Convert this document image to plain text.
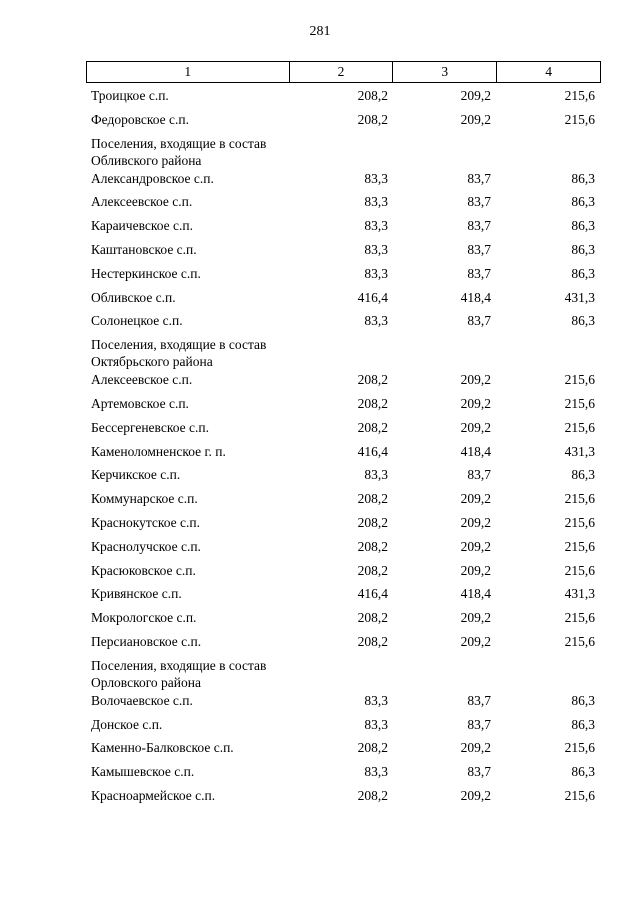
281
1	2	3	4
Троицкое с.п.	208,2	209,2	215,6
Федоровское с.п.	208,2	209,2	215,6
Поселения, входящие в состав Обливского района
Александровское с.п.	83,3	83,7	86,3
Алексеевское с.п.	83,3	83,7	86,3
Караичевское с.п.	83,3	83,7	86,3
Каштановское с.п.	83,3	83,7	86,3
Нестеркинское с.п.	83,3	83,7	86,3
Обливское с.п.	416,4	418,4	431,3
Солонецкое с.п.	83,3	83,7	86,3
Поселения, входящие в состав Октябрьского района
Алексеевское с.п.	208,2	209,2	215,6
Артемовское с.п.	208,2	209,2	215,6
Бессергеневское с.п.	208,2	209,2	215,6
Каменоломненское г. п.	416,4	418,4	431,3
Керчикское с.п.	83,3	83,7	86,3
Коммунарское с.п.	208,2	209,2	215,6
Краснокутское с.п.	208,2	209,2	215,6
Краснолучское с.п.	208,2	209,2	215,6
Красюковское с.п.	208,2	209,2	215,6
Кривянское с.п.	416,4	418,4	431,3
Мокрологское с.п.	208,2	209,2	215,6
Персиановское с.п.	208,2	209,2	215,6
Поселения, входящие в состав Орловского района
Волочаевское с.п.	83,3	83,7	86,3
Донское с.п.	83,3	83,7	86,3
Каменно-Балковское с.п.	208,2	209,2	215,6
Камышевское с.п.	83,3	83,7	86,3
Красноармейское с.п.	208,2	209,2	215,6
